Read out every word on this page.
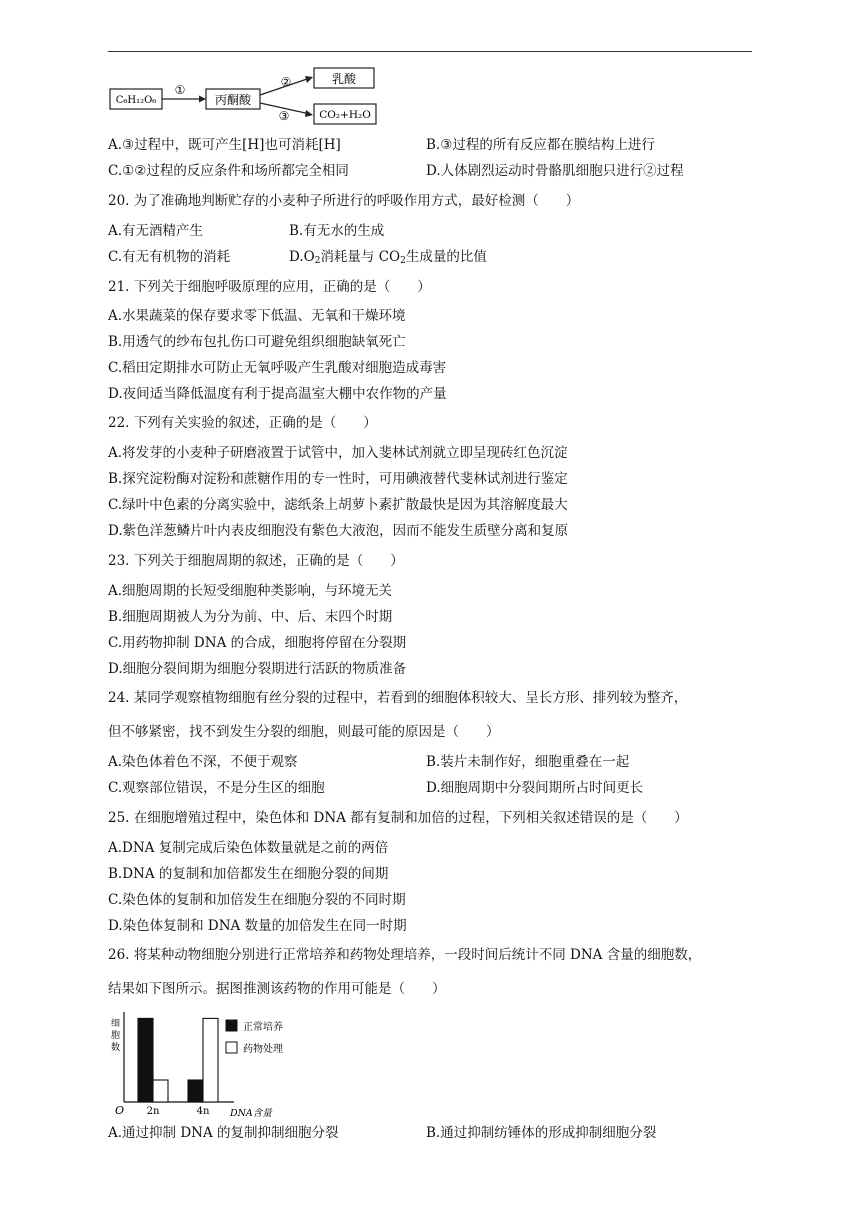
C₆H₁₂O₆
①
丙酮酸
②
③
乳酸
CO₂+H₂O
A.③过程中，既可产生[H]也可消耗[H]	B.③过程的所有反应都在膜结构上进行
C.①②过程的反应条件和场所都完全相同	D.人体剧烈运动时骨骼肌细胞只进行②过程
20. 为了准确地判断贮存的小麦种子所进行的呼吸作用方式，最好检测（　　）
A.有无酒精产生	B.有无水的生成
C.有无有机物的消耗	$D.O_2$消耗量与 $CO_2$生成量的比值
21. 下列关于细胞呼吸原理的应用，正确的是（　　）
A.水果蔬菜的保存要求零下低温、无氧和干燥环境
B.用透气的纱布包扎伤口可避免组织细胞缺氧死亡
C.稻田定期排水可防止无氧呼吸产生乳酸对细胞造成毒害
D.夜间适当降低温度有利于提高温室大棚中农作物的产量
22. 下列有关实验的叙述，正确的是（　　）
A.将发芽的小麦种子研磨液置于试管中，加入斐林试剂就立即呈现砖红色沉淀
B.探究淀粉酶对淀粉和蔗糖作用的专一性时，可用碘液替代斐林试剂进行鉴定
C.绿叶中色素的分离实验中，滤纸条上胡萝卜素扩散最快是因为其溶解度最大
D.紫色洋葱鳞片叶内表皮细胞没有紫色大液泡，因而不能发生质壁分离和复原
23. 下列关于细胞周期的叙述，正确的是（　　）
A.细胞周期的长短受细胞种类影响，与环境无关
B.细胞周期被人为分为前、中、后、末四个时期
C.用药物抑制 DNA 的合成，细胞将停留在分裂期
D.细胞分裂间期为细胞分裂期进行活跃的物质准备
24. 某同学观察植物细胞有丝分裂的过程中，若看到的细胞体积较大、呈长方形、排列较为整齐，
但不够紧密，找不到发生分裂的细胞，则最可能的原因是（　　）
A.染色体着色不深，不便于观察	B.装片未制作好，细胞重叠在一起
C.观察部位错误，不是分生区的细胞	D.细胞周期中分裂间期所占时间更长
25. 在细胞增殖过程中，染色体和 DNA 都有复制和加倍的过程，下列相关叙述错误的是（　　）
A.DNA 复制完成后染色体数量就是之前的两倍
B.DNA 的复制和加倍都发生在细胞分裂的间期
C.染色体的复制和加倍发生在细胞分裂的不同时期
D.染色体复制和 DNA 数量的加倍发生在同一时期
26. 将某种动物细胞分别进行正常培养和药物处理培养，一段时间后统计不同 DNA 含量的细胞数，
结果如下图所示。据图推测该药物的作用可能是（　　）
细
胞
数
O	DNA含量
2n	4n
正常培养
药物处理
A.通过抑制 DNA 的复制抑制细胞分裂	B.通过抑制纺锤体的形成抑制细胞分裂
